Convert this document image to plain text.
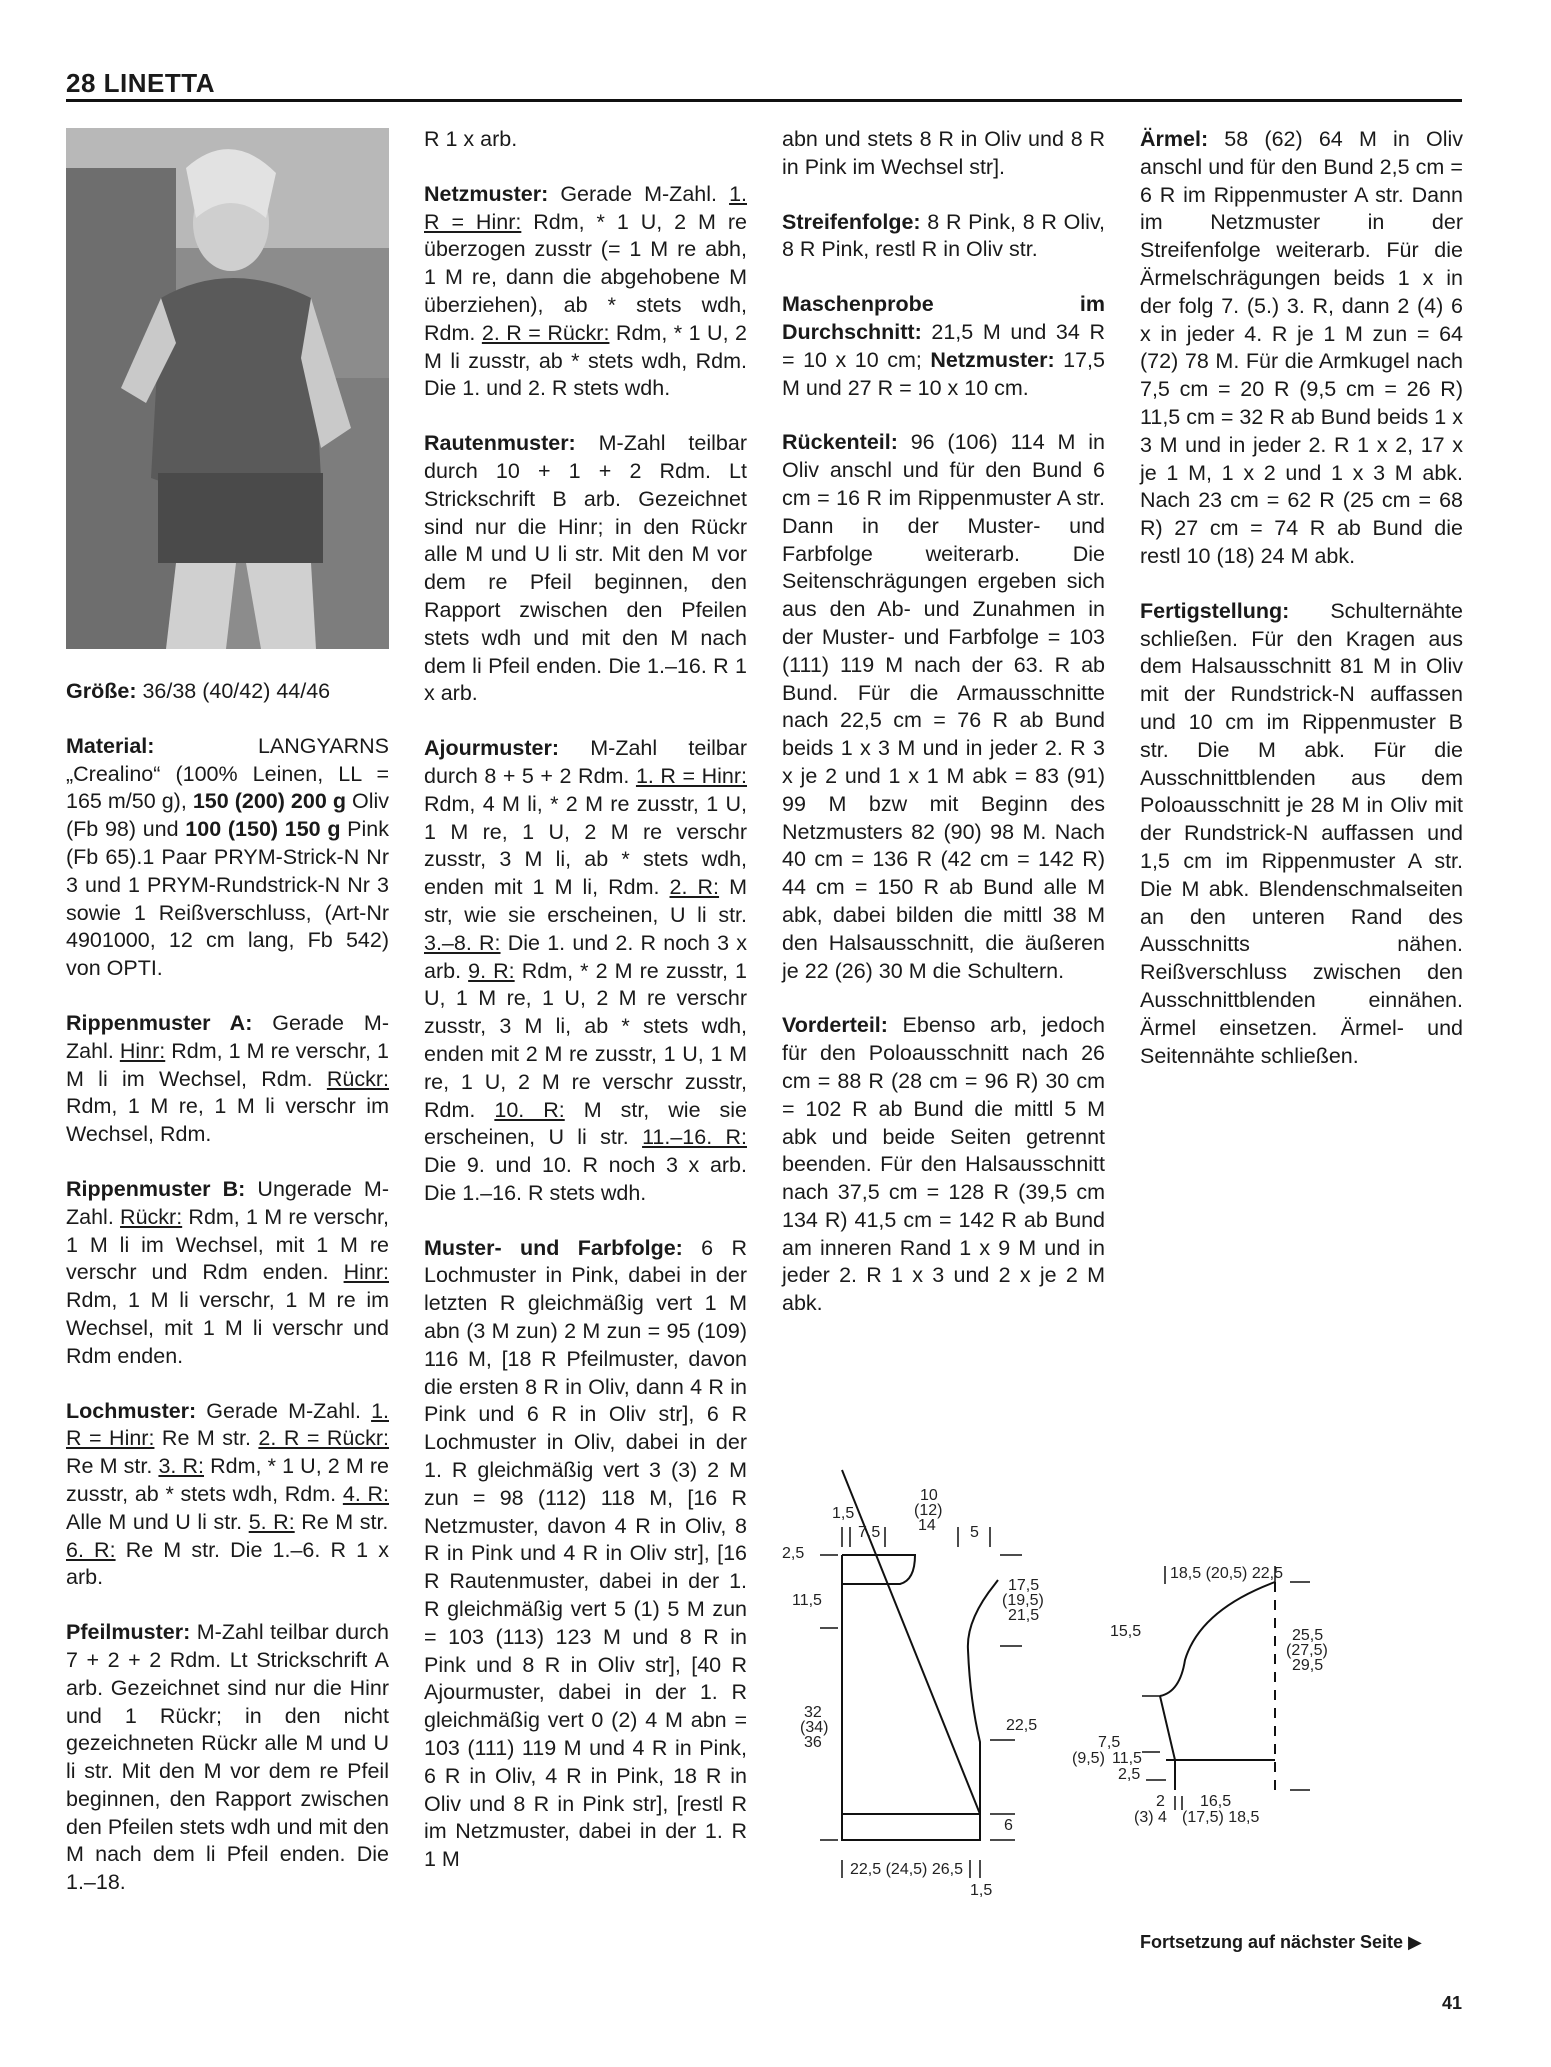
28 LINETTA

Größe: 36/38 (40/42) 44/46

Material: LANGYARNS „Crealino“ (100% Leinen, LL = 165 m/50 g), 150 (200) 200 g Oliv (Fb 98) und 100 (150) 150 g Pink (Fb 65).1 Paar PRYM-Strick-N Nr 3 und 1 PRYM-Rundstrick-N Nr 3 sowie 1 Reißverschluss, (Art-Nr 4901000, 12 cm lang, Fb 542) von OPTI.

Rippenmuster A: Gerade M-Zahl. Hinr: Rdm, 1 M re verschr, 1 M li im Wechsel, Rdm. Rückr: Rdm, 1 M re, 1 M li verschr im Wechsel, Rdm.

Rippenmuster B: Ungerade M-Zahl. Rückr: Rdm, 1 M re verschr, 1 M li im Wechsel, mit 1 M re verschr und Rdm enden. Hinr: Rdm, 1 M li verschr, 1 M re im Wechsel, mit 1 M li verschr und Rdm enden.

Lochmuster: Gerade M-Zahl. 1. R = Hinr: Re M str. 2. R = Rückr: Re M str. 3. R: Rdm, * 1 U, 2 M re zusstr, ab * stets wdh, Rdm. 4. R: Alle M und U li str. 5. R: Re M str. 6. R: Re M str. Die 1.–6. R 1 x arb.

Pfeilmuster: M-Zahl teilbar durch 7 + 2 + 2 Rdm. Lt Strickschrift A arb. Gezeichnet sind nur die Hinr und 1 Rückr; in den nicht gezeichneten Rückr alle M und U li str. Mit den M vor dem re Pfeil beginnen, den Rapport zwischen den Pfeilen stets wdh und mit den M nach dem li Pfeil enden. Die 1.–18.

R 1 x arb.

Netzmuster: Gerade M-Zahl. 1. R = Hinr: Rdm, * 1 U, 2 M re überzogen zusstr (= 1 M re abh, 1 M re, dann die abgehobene M überziehen), ab * stets wdh, Rdm. 2. R = Rückr: Rdm, * 1 U, 2 M li zusstr, ab * stets wdh, Rdm. Die 1. und 2. R stets wdh.

Rautenmuster: M-Zahl teilbar durch 10 + 1 + 2 Rdm. Lt Strickschrift B arb. Gezeichnet sind nur die Hinr; in den Rückr alle M und U li str. Mit den M vor dem re Pfeil beginnen, den Rapport zwischen den Pfeilen stets wdh und mit den M nach dem li Pfeil enden. Die 1.–16. R 1 x arb.

Ajourmuster: M-Zahl teilbar durch 8 + 5 + 2 Rdm. 1. R = Hinr: Rdm, 4 M li, * 2 M re zusstr, 1 U, 1 M re, 1 U, 2 M re verschr zusstr, 3 M li, ab * stets wdh, enden mit 1 M li, Rdm. 2. R: M str, wie sie erscheinen, U li str. 3.–8. R: Die 1. und 2. R noch 3 x arb. 9. R: Rdm, * 2 M re zusstr, 1 U, 1 M re, 1 U, 2 M re verschr zusstr, 3 M li, ab * stets wdh, enden mit 2 M re zusstr, 1 U, 1 M re, 1 U, 2 M re verschr zusstr, Rdm. 10. R: M str, wie sie erscheinen, U li str. 11.–16. R: Die 9. und 10. R noch 3 x arb. Die 1.–16. R stets wdh.

Muster- und Farbfolge: 6 R Lochmuster in Pink, dabei in der letzten R gleichmäßig vert 1 M abn (3 M zun) 2 M zun = 95 (109) 116 M, [18 R Pfeilmuster, davon die ersten 8 R in Oliv, dann 4 R in Pink und 6 R in Oliv str], 6 R Lochmuster in Oliv, dabei in der 1. R gleichmäßig vert 3 (3) 2 M zun = 98 (112) 118 M, [16 R Netzmuster, davon 4 R in Oliv, 8 R in Pink und 4 R in Oliv str], [16 R Rautenmuster, dabei in der 1. R gleichmäßig vert 5 (1) 5 M zun = 103 (113) 123 M und 8 R in Pink und 8 R in Oliv str], [40 R Ajourmuster, dabei in der 1. R gleichmäßig vert 0 (2) 4 M abn = 103 (111) 119 M und 4 R in Pink, 6 R in Oliv, 4 R in Pink, 18 R in Oliv und 8 R in Pink str], [restl R im Netzmuster, dabei in der 1. R 1 M

abn und stets 8 R in Oliv und 8 R in Pink im Wechsel str].

Streifenfolge: 8 R Pink, 8 R Oliv, 8 R Pink, restl R in Oliv str.

Maschenprobe im Durchschnitt: 21,5 M und 34 R = 10 x 10 cm; Netzmuster: 17,5 M und 27 R = 10 x 10 cm.

Rückenteil: 96 (106) 114 M in Oliv anschl und für den Bund 6 cm = 16 R im Rippenmuster A str. Dann in der Muster- und Farbfolge weiterarb. Die Seitenschrägungen ergeben sich aus den Ab- und Zunahmen in der Muster- und Farbfolge = 103 (111) 119 M nach der 63. R ab Bund. Für die Armausschnitte nach 22,5 cm = 76 R ab Bund beids 1 x 3 M und in jeder 2. R 3 x je 2 und 1 x 1 M abk = 83 (91) 99 M bzw mit Beginn des Netzmusters 82 (90) 98 M. Nach 40 cm = 136 R (42 cm = 142 R) 44 cm = 150 R ab Bund alle M abk, dabei bilden die mittl 38 M den Halsausschnitt, die äußeren je 22 (26) 30 M die Schultern.

Vorderteil: Ebenso arb, jedoch für den Poloausschnitt nach 26 cm = 88 R (28 cm = 96 R) 30 cm = 102 R ab Bund die mittl 5 M abk und beide Seiten getrennt beenden. Für den Halsausschnitt nach 37,5 cm = 128 R (39,5 cm 134 R) 41,5 cm = 142 R ab Bund am inneren Rand 1 x 9 M und in jeder 2. R 1 x 3 und 2 x je 2 M abk.

Ärmel: 58 (62) 64 M in Oliv anschl und für den Bund 2,5 cm = 6 R im Rippenmuster A str. Dann im Netzmuster in der Streifenfolge weiterarb. Für die Ärmelschrägungen beids 1 x in der folg 7. (5.) 3. R, dann 2 (4) 6 x in jeder 4. R je 1 M zun = 64 (72) 78 M. Für die Armkugel nach 7,5 cm = 20 R (9,5 cm = 26 R) 11,5 cm = 32 R ab Bund beids 1 x 3 M und in jeder 2. R 1 x 2, 17 x je 1 M, 1 x 2 und 1 x 3 M abk. Nach 23 cm = 62 R (25 cm = 68 R) 27 cm = 74 R ab Bund die restl 10 (18) 24 M abk.

Fertigstellung: Schulternähte schließen. Für den Kragen aus dem Halsausschnitt 81 M in Oliv mit der Rundstrick-N auffassen und 10 cm im Rippenmuster B str. Die M abk. Für die Ausschnittblenden aus dem Poloausschnitt je 28 M in Oliv mit der Rundstrick-N auffassen und 1,5 cm im Rippenmuster A str. Die M abk. Blendenschmalseiten an den unteren Rand des Ausschnitts nähen. Reißverschluss zwischen den Ausschnittblenden einnähen. Ärmel einsetzen. Ärmel- und Seitennähte schließen.

1,5
10
(12)
14
7,5	5
2,5
11,5
17,5
(19,5)
21,5
32
(34)
36
22,5
6
22,5 (24,5) 26,5
1,5
18,5 (20,5) 22,5
15,5	25,5
(27,5)
29,5
7,5
(9,5) 11,5
2,5
2 16,5
(3) 4 (17,5) 18,5
Fortsetzung auf nächster Seite ▶
41
